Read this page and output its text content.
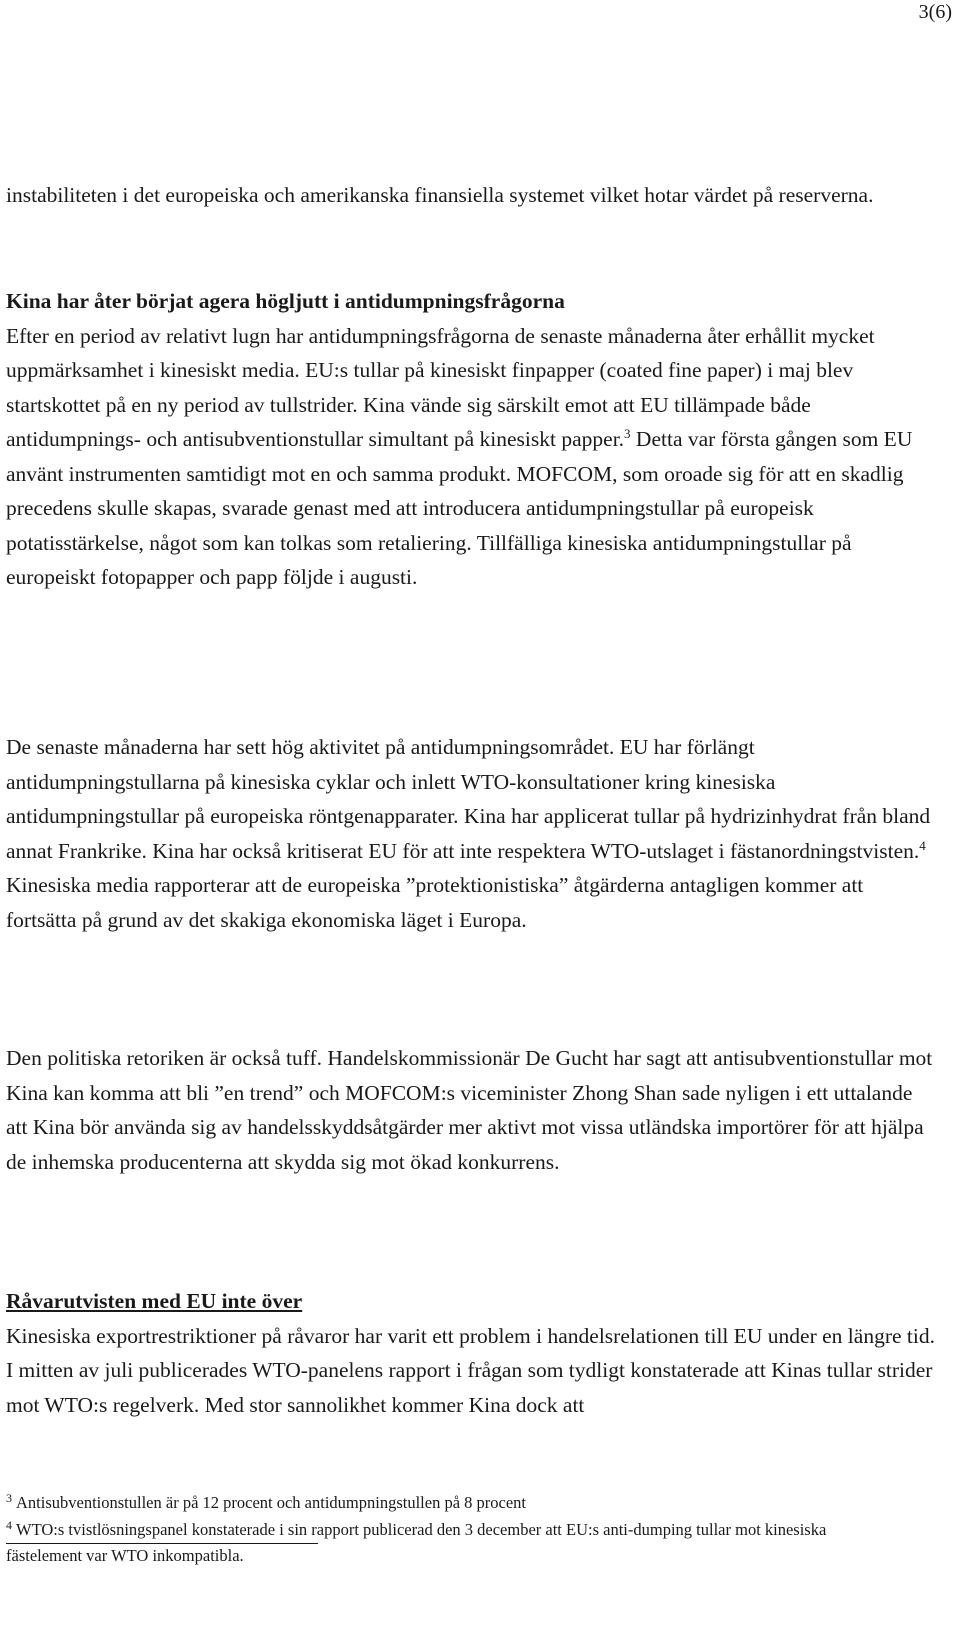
3(6)

instabiliteten i det europeiska och amerikanska finansiella systemet vilket hotar värdet på reserverna.

Kina har åter börjat agera högljutt i antidumpningsfrågorna
Efter en period av relativt lugn har antidumpningsfrågorna de senaste månaderna åter erhållit mycket uppmärksamhet i kinesiskt media. EU:s tullar på kinesiskt finpapper (coated fine paper) i maj blev startskottet på en ny period av tullstrider. Kina vände sig särskilt emot att EU tillämpade både antidumpnings- och antisubventionstullar simultant på kinesiskt papper.$^3$ Detta var första gången som EU använt instrumenten samtidigt mot en och samma produkt. MOFCOM, som oroade sig för att en skadlig precedens skulle skapas, svarade genast med att introducera antidumpningstullar på europeisk potatisstärkelse, något som kan tolkas som retaliering. Tillfälliga kinesiska antidumpningstullar på europeiskt fotopapper och papp följde i augusti.

De senaste månaderna har sett hög aktivitet på antidumpningsområdet. EU har förlängt antidumpningstullarna på kinesiska cyklar och inlett WTO-konsultationer kring kinesiska antidumpningstullar på europeiska röntgenapparater. Kina har applicerat tullar på hydrizinhydrat från bland annat Frankrike. Kina har också kritiserat EU för att inte respektera WTO-utslaget i fästanordningstvisten.$^4$ Kinesiska media rapporterar att de europeiska ”protektionistiska” åtgärderna antagligen kommer att fortsätta på grund av det skakiga ekonomiska läget i Europa.

Den politiska retoriken är också tuff. Handelskommissionär De Gucht har sagt att antisubventionstullar mot Kina kan komma att bli ”en trend” och MOFCOM:s viceminister Zhong Shan sade nyligen i ett uttalande att Kina bör använda sig av handelsskyddsåtgärder mer aktivt mot vissa utländska importörer för att hjälpa de inhemska producenterna att skydda sig mot ökad konkurrens.

Råvarutvisten med EU inte över
Kinesiska exportrestriktioner på råvaror har varit ett problem i handelsrelationen till EU under en längre tid. I mitten av juli publicerades WTO-panelens rapport i frågan som tydligt konstaterade att Kinas tullar strider mot WTO:s regelverk. Med stor sannolikhet kommer Kina dock att

$^3$ Antisubventionstullen är på 12 procent och antidumpningstullen på 8 procent

$^4$ WTO:s tvistlösningspanel konstaterade i sin rapport publicerad den 3 december att EU:s anti-dumping tullar mot kinesiska fästelement var WTO inkompatibla.
